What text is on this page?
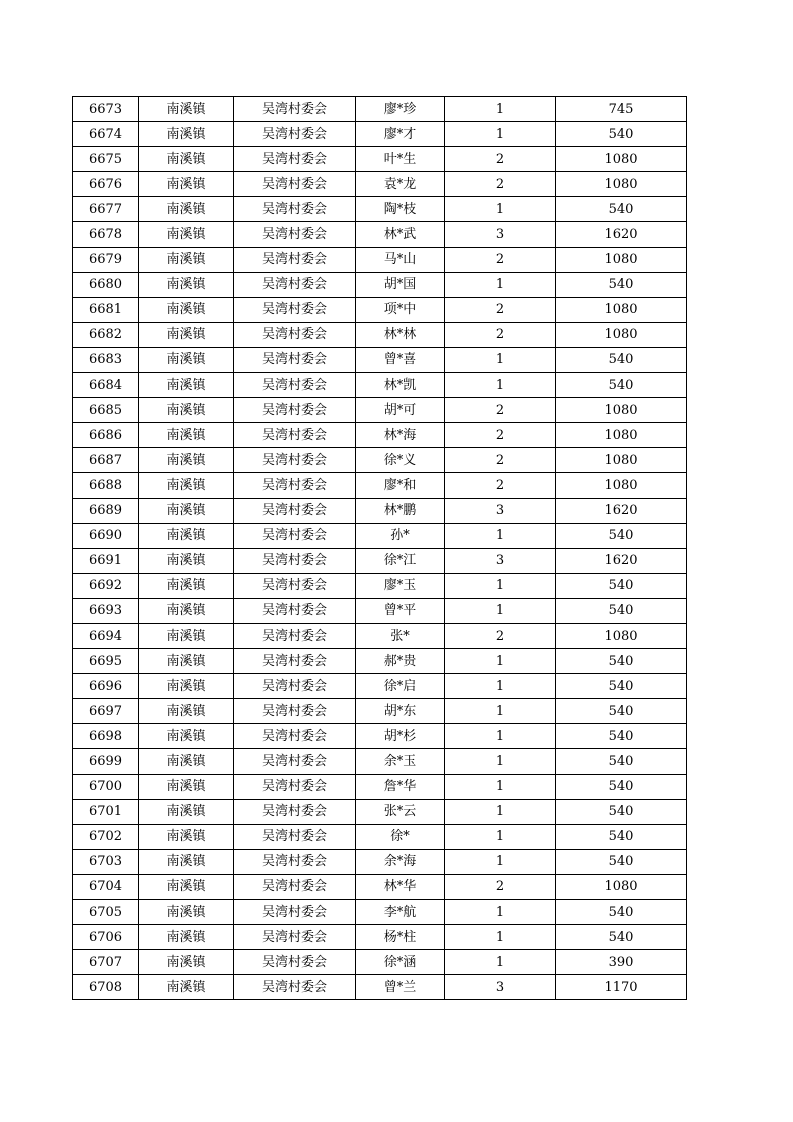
6673	南溪镇	吴湾村委会	廖*珍	1	745
6674	南溪镇	吴湾村委会	廖*才	1	540
6675	南溪镇	吴湾村委会	叶*生	2	1080
6676	南溪镇	吴湾村委会	袁*龙	2	1080
6677	南溪镇	吴湾村委会	陶*枝	1	540
6678	南溪镇	吴湾村委会	林*武	3	1620
6679	南溪镇	吴湾村委会	马*山	2	1080
6680	南溪镇	吴湾村委会	胡*国	1	540
6681	南溪镇	吴湾村委会	项*中	2	1080
6682	南溪镇	吴湾村委会	林*林	2	1080
6683	南溪镇	吴湾村委会	曾*喜	1	540
6684	南溪镇	吴湾村委会	林*凯	1	540
6685	南溪镇	吴湾村委会	胡*可	2	1080
6686	南溪镇	吴湾村委会	林*海	2	1080
6687	南溪镇	吴湾村委会	徐*义	2	1080
6688	南溪镇	吴湾村委会	廖*和	2	1080
6689	南溪镇	吴湾村委会	林*鹏	3	1620
6690	南溪镇	吴湾村委会	孙*	1	540
6691	南溪镇	吴湾村委会	徐*江	3	1620
6692	南溪镇	吴湾村委会	廖*玉	1	540
6693	南溪镇	吴湾村委会	曾*平	1	540
6694	南溪镇	吴湾村委会	张*	2	1080
6695	南溪镇	吴湾村委会	郝*贵	1	540
6696	南溪镇	吴湾村委会	徐*启	1	540
6697	南溪镇	吴湾村委会	胡*东	1	540
6698	南溪镇	吴湾村委会	胡*杉	1	540
6699	南溪镇	吴湾村委会	余*玉	1	540
6700	南溪镇	吴湾村委会	詹*华	1	540
6701	南溪镇	吴湾村委会	张*云	1	540
6702	南溪镇	吴湾村委会	徐*	1	540
6703	南溪镇	吴湾村委会	余*海	1	540
6704	南溪镇	吴湾村委会	林*华	2	1080
6705	南溪镇	吴湾村委会	李*航	1	540
6706	南溪镇	吴湾村委会	杨*柱	1	540
6707	南溪镇	吴湾村委会	徐*涵	1	390
6708	南溪镇	吴湾村委会	曾*兰	3	1170
